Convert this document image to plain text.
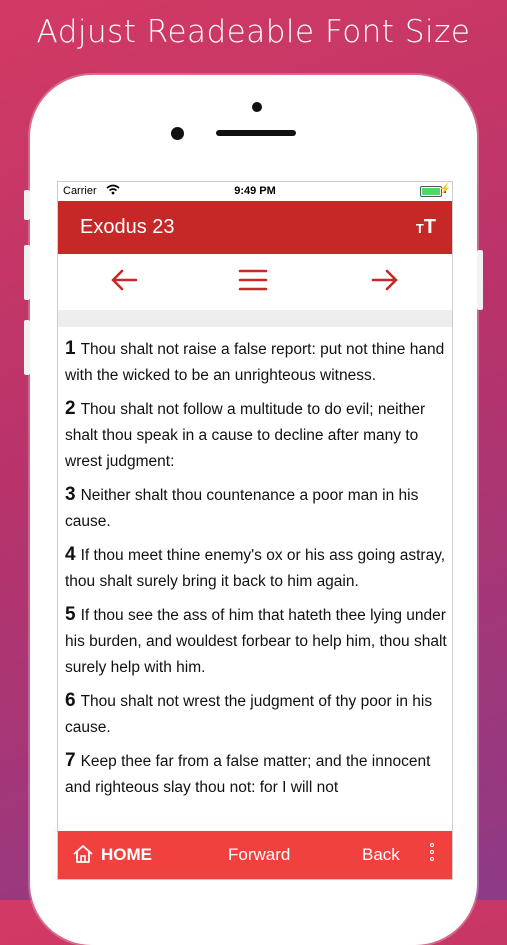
Adjust Readeable Font Size
Carrier	9:49 PM	⚡
Exodus 23	TT
1 Thou shalt not raise a false report: put not thine hand with the wicked to be an unrighteous witness.
2 Thou shalt not follow a multitude to do evil; neither shalt thou speak in a cause to decline after many to wrest judgment:
3 Neither shalt thou countenance a poor man in his cause.
4 If thou meet thine enemy's ox or his ass going astray, thou shalt surely bring it back to him again.
5 If thou see the ass of him that hateth thee lying under his burden, and wouldest forbear to help him, thou shalt surely help with him.
6 Thou shalt not wrest the judgment of thy poor in his cause.
7 Keep thee far from a false matter; and the innocent and righteous slay thou not: for I will not
HOME	Forward	Back
